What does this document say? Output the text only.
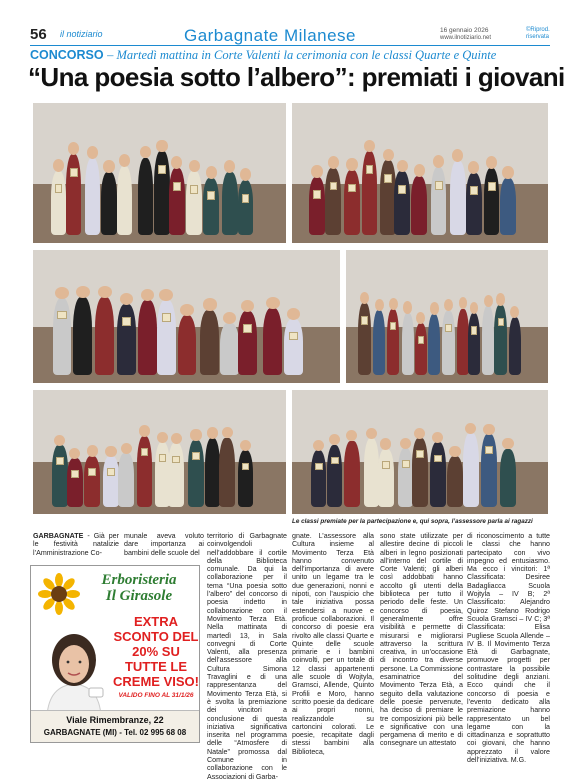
56 il notiziario	Garbagnate Milanese	16 gennaio 2026
www.ilnotiziario.net
©Riprod.
riservata
CONCORSO – Martedì mattina in Corte Valenti la cerimonia con le classi Quarte e Quinte
“Una poesia sotto l’albero”: premiati i giovani
Le classi premiate per la partecipazione e, qui sopra, l’assessore parla ai ragazzi
GARBAGNATE - Già per le festività natalizie l’Amministrazione Co-
munale aveva voluto dare importanza ai bambini delle scuole del
territorio di Garbagnate coinvolgendoli nell’addobbare il cortile della Biblioteca comunale. Da qui la collaborazione per il tema “Una poesia sotto l’albero” del concorso di poesia indetto in collaborazione con il Movimento Terza Età. Nella mattinata di martedì 13, in Sala convegni di Corte Valenti, alla presenza dell’assessore alla Cultura Simona Travaglini e di una rappresentanza del Movimento Terza Età, si è svolta la premiazione dei vincitori a conclusione di questa iniziativa significativa inserita nel programma delle “Atmosfere di Natale” promossa dal Comune in collaborazione con le Associazioni di Garba-
gnate. L’assessore alla Cultura insieme al Movimento Terza Età hanno convenuto dell’importanza di avere unito un legame tra le due generazioni, nonni e nipoti, con l’auspicio che tale iniziativa possa estendersi a nuove e proficue collaborazioni. Il concorso di poesie era rivolto alle classi Quarte e Quinte delle scuole primarie e i bambini coinvolti, per un totale di 12 classi appartenenti alle scuole di Wojtyla, Gramsci, Allende, Quinto Profili e Moro, hanno scritto poesie da dedicare ai propri nonni, realizzandole su cartoncini colorati. Le poesie, recapitate dagli stessi bambini alla Biblioteca,
sono state utilizzate per allestire decine di piccoli alberi in legno posizionati all’interno del cortile di Corte Valenti; gli alberi così addobbati hanno accolto gli utenti della biblioteca per tutto il periodo delle feste. Un concorso di poesia, generalmente offre visibilità e permette di misurarsi e migliorarsi attraverso la scrittura creativa, in un’occasione di incontro tra diverse persone. La Commissione esaminatrice del Movimento Terza Età, a seguito della valutazione delle poesie pervenute, ha deciso di premiare le tre composizioni più belle e significative con una pergamena di merito e di consegnare un attestato
di riconoscimento a tutte le classi che hanno partecipato con vivo impegno ed entusiasmo. Ma ecco i vincitori: 1ª Classificata: Desiree Badagliacca Scuola Wojtyla – IV B; 2ª Classificato: Alejandro Quiroz Stefano Rodrigo Scuola Gramsci – IV C; 3ª Classificata: Elisa Pugliese Scuola Allende – IV B. Il Movimento Terza Età di Garbagnate, promuove progetti per contrastare la possibile solitudine degli anziani. Ecco quindi che il concorso di poesia e l’evento dedicato alla premiazione hanno rappresentato un bel legame con la cittadinanza e soprattutto coi giovani, che hanno apprezzato il valore dell’iniziativa. M.G.
Erboristeria
Il Girasole
EXTRA SCONTO DEL 20% SU TUTTE LE CREME VISO!
VALIDO FINO AL 31/1/26
Viale Rimembranze, 22
GARBAGNATE (MI) - Tel. 02 995 68 08
